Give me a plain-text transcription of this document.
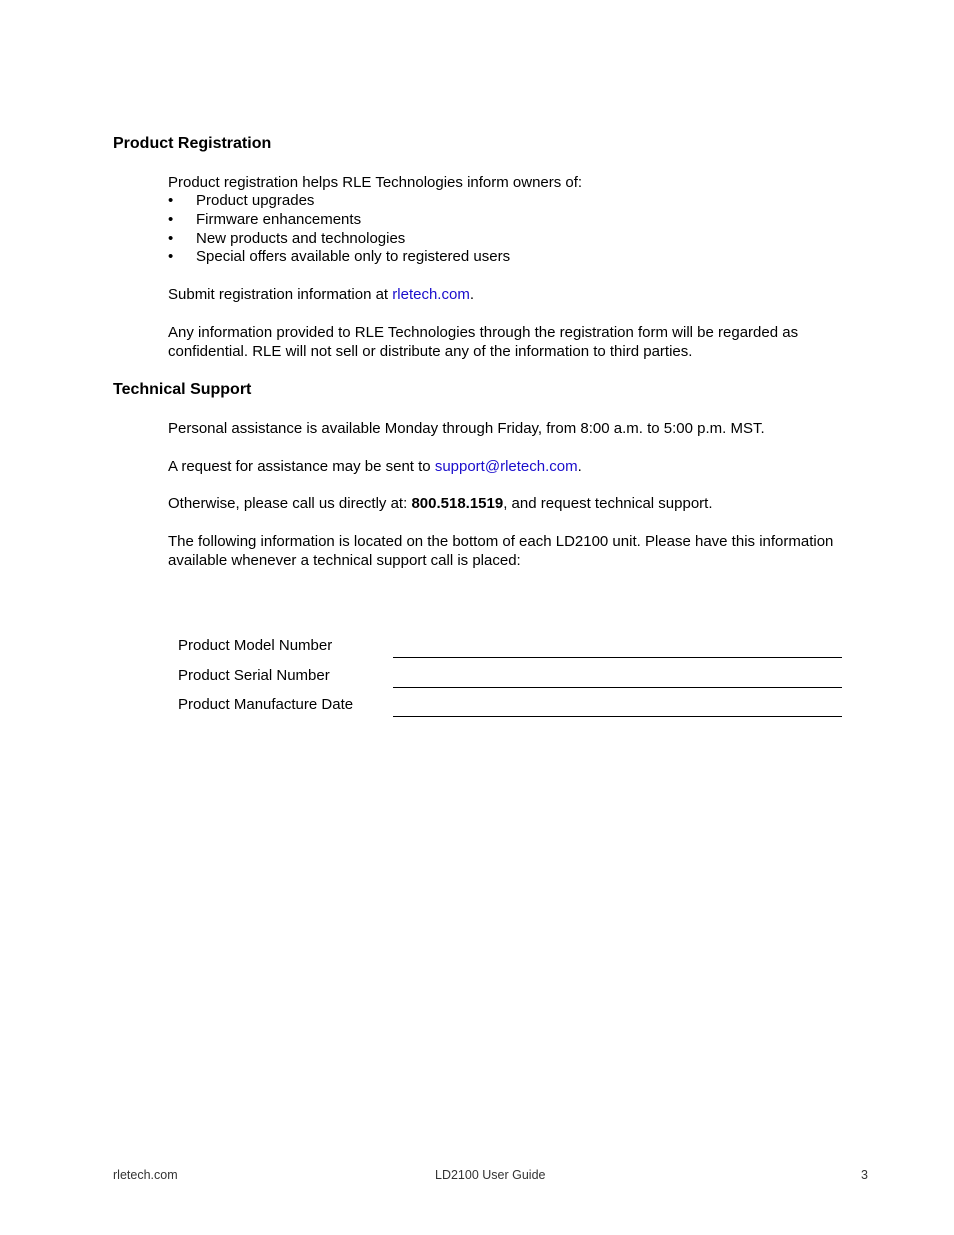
Product Registration
Product registration helps RLE Technologies inform owners of:
• Product upgrades
• Firmware enhancements
• New products and technologies
• Special offers available only to registered users
Submit registration information at rletech.com.
Any information provided to RLE Technologies through the registration form will be regarded as confidential. RLE will not sell or distribute any of the information to third parties.
Technical Support
Personal assistance is available Monday through Friday, from 8:00 a.m. to 5:00 p.m. MST.
A request for assistance may be sent to support@rletech.com.
Otherwise, please call us directly at: 800.518.1519, and request technical support.
The following information is located on the bottom of each LD2100 unit. Please have this information available whenever a technical support call is placed:
Product Model Number
Product Serial Number
Product Manufacture Date
rletech.com	LD2100 User Guide	3
